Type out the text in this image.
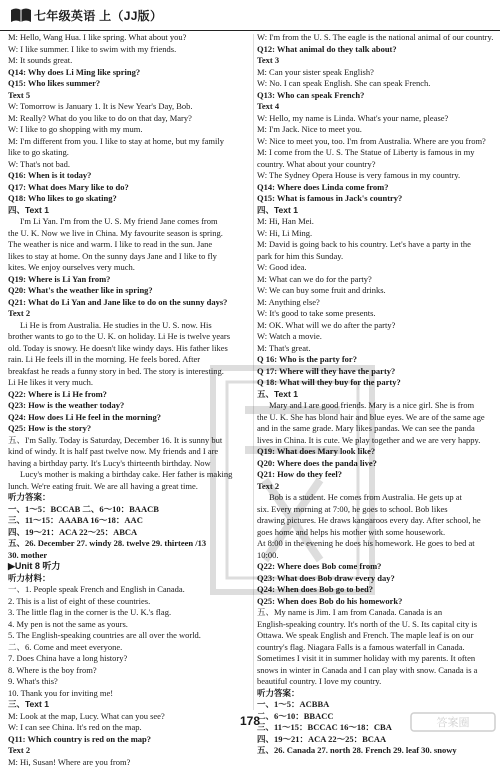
七年级英语 上（JJ版）

M: Hello, Wang Hua. I like spring. What about you?

W: I like summer. I like to swim with my friends.

M: It sounds great.

Q14: Why does Li Ming like spring?

Q15: Who likes summer?

Text 5

W: Tomorrow is January 1. It is New Year's Day, Bob.

M: Really? What do you like to do on that day, Mary?

W: I like to go shopping with my mum.

M: I'm different from you. I like to stay at home, but my family

like to go skating.

W: That's not bad.

Q16: When is it today?

Q17: What does Mary like to do?

Q18: Who likes to go skating?

四、Text 1

I'm Li Yan. I'm from the U. S. My friend Jane comes from

the U. K. Now we live in China. My favourite season is spring.

The weather is nice and warm. I like to read in the sun. Jane

likes to stay at home. On the sunny days Jane and I like to fly

kites. We enjoy ourselves very much.

Q19: Where is Li Yan from?

Q20: What's the weather like in spring?

Q21: What do Li Yan and Jane like to do on the sunny days?

Text 2

Li He is from Australia. He studies in the U. S. now. His

brother wants to go to the U. K. on holiday. Li He is twelve years

old. Today is snowy. He doesn't like windy days. His father likes

rain. Li He feels ill in the morning. He feels bored. After

breakfast he reads a funny story in bed. The story is interesting.

Li He likes it very much.

Q22: Where is Li He from?

Q23: How is the weather today?

Q24: How does Li He feel in the morning?

Q25: How is the story?

五、I'm Sally. Today is Saturday, December 16. It is sunny but

kind of windy. It is half past twelve now. My friends and I are

having a birthday party. It's Lucy's thirteenth birthday. Now

Lucy's mother is making a birthday cake. Her father is making

lunch. We're eating fruit. We are all having a great time.

听力答案：

一、1～5：BCCAB 二、6～10：BAACB

三、11～15：AAABA 16～18：AAC

四、19～21：ACA 22～25：ABCA

五、26. December 27. windy 28. twelve 29. thirteen /13

30. mother

▶Unit 8 听力

听力材料：

一、1. People speak French and English in Canada.

2. This is a list of eight of these countries.

3. The little flag in the corner is the U. K.'s flag.

4. My pen is not the same as yours.

5. The English-speaking countries are all over the world.

二、6. Come and meet everyone.

7. Does China have a long history?

8. Where is the boy from?

9. What's this?

10. Thank you for inviting me!

三、Text 1

M: Look at the map, Lucy. What can you see?

W: I can see China. It's red on the map.

Q11: Which country is red on the map?

Text 2

M: Hi, Susan! Where are you from?

W: I'm from the U. S. The eagle is the national animal of our country.

Q12: What animal do they talk about?

Text 3

M: Can your sister speak English?

W: No. I can speak English. She can speak French.

Q13: Who can speak French?

Text 4

W: Hello, my name is Linda. What's your name, please?

M: I'm Jack. Nice to meet you.

W: Nice to meet you, too. I'm from Australia. Where are you from?

M: I come from the U. S. The Statue of Liberty is famous in my

country. What about your country?

W: The Sydney Opera House is very famous in my country.

Q14: Where does Linda come from?

Q15: What is famous in Jack's country?

四、Text 1

M: Hi, Han Mei.

W: Hi, Li Ming.

M: David is going back to his country. Let's have a party in the

park for him this Sunday.

W: Good idea.

M: What can we do for the party?

W: We can buy some fruit and drinks.

M: Anything else?

W: It's good to take some presents.

M: OK. What will we do after the party?

W: Watch a movie.

M: That's great.

Q 16: Who is the party for?

Q 17: Where will they have the party?

Q 18: What will they buy for the party?

五、Text 1

Mary and I are good friends. Mary is a nice girl. She is from

the U. K. She has blond hair and blue eyes. We are of the same age

and in the same grade. Mary likes pandas. We can see the panda

lives in China. It is cute. We play together and we are very happy.

Q19: What does Mary look like?

Q20: Where does the panda live?

Q21: How do they feel?

Text 2

Bob is a student. He comes from Australia. He gets up at

six. Every morning at 7:00, he goes to school. Bob likes

drawing pictures. He draws kangaroos every day. After school, he

goes home and helps his mother with some housework.

At 8:00 in the evening he does his homework. He goes to bed at

10:00.

Q22: Where does Bob come from?

Q23: What does Bob draw every day?

Q24: When does Bob go to bed?

Q25: When does Bob do his homework?

五、My name is Jim. I am from Canada. Canada is an

English-speaking country. It's north of the U. S. Its capital city is

Ottawa. We speak English and French. The maple leaf is on our

country's flag. Niagara Falls is a famous waterfall in Canada.

Sometimes I visit it in summer holiday with my parents. It often

snows in winter in Canada and I can play with snow. Canada is a

beautiful country. I love my country.

听力答案：

一、1～5：ACBBA

二、6～10：BBACC

三、11～15：BCCAC 16～18：CBA

四、19～21：ACA 22～25：BCAA

五、26. Canada 27. north 28. French 29. leaf 30. snowy

178	答案圈
